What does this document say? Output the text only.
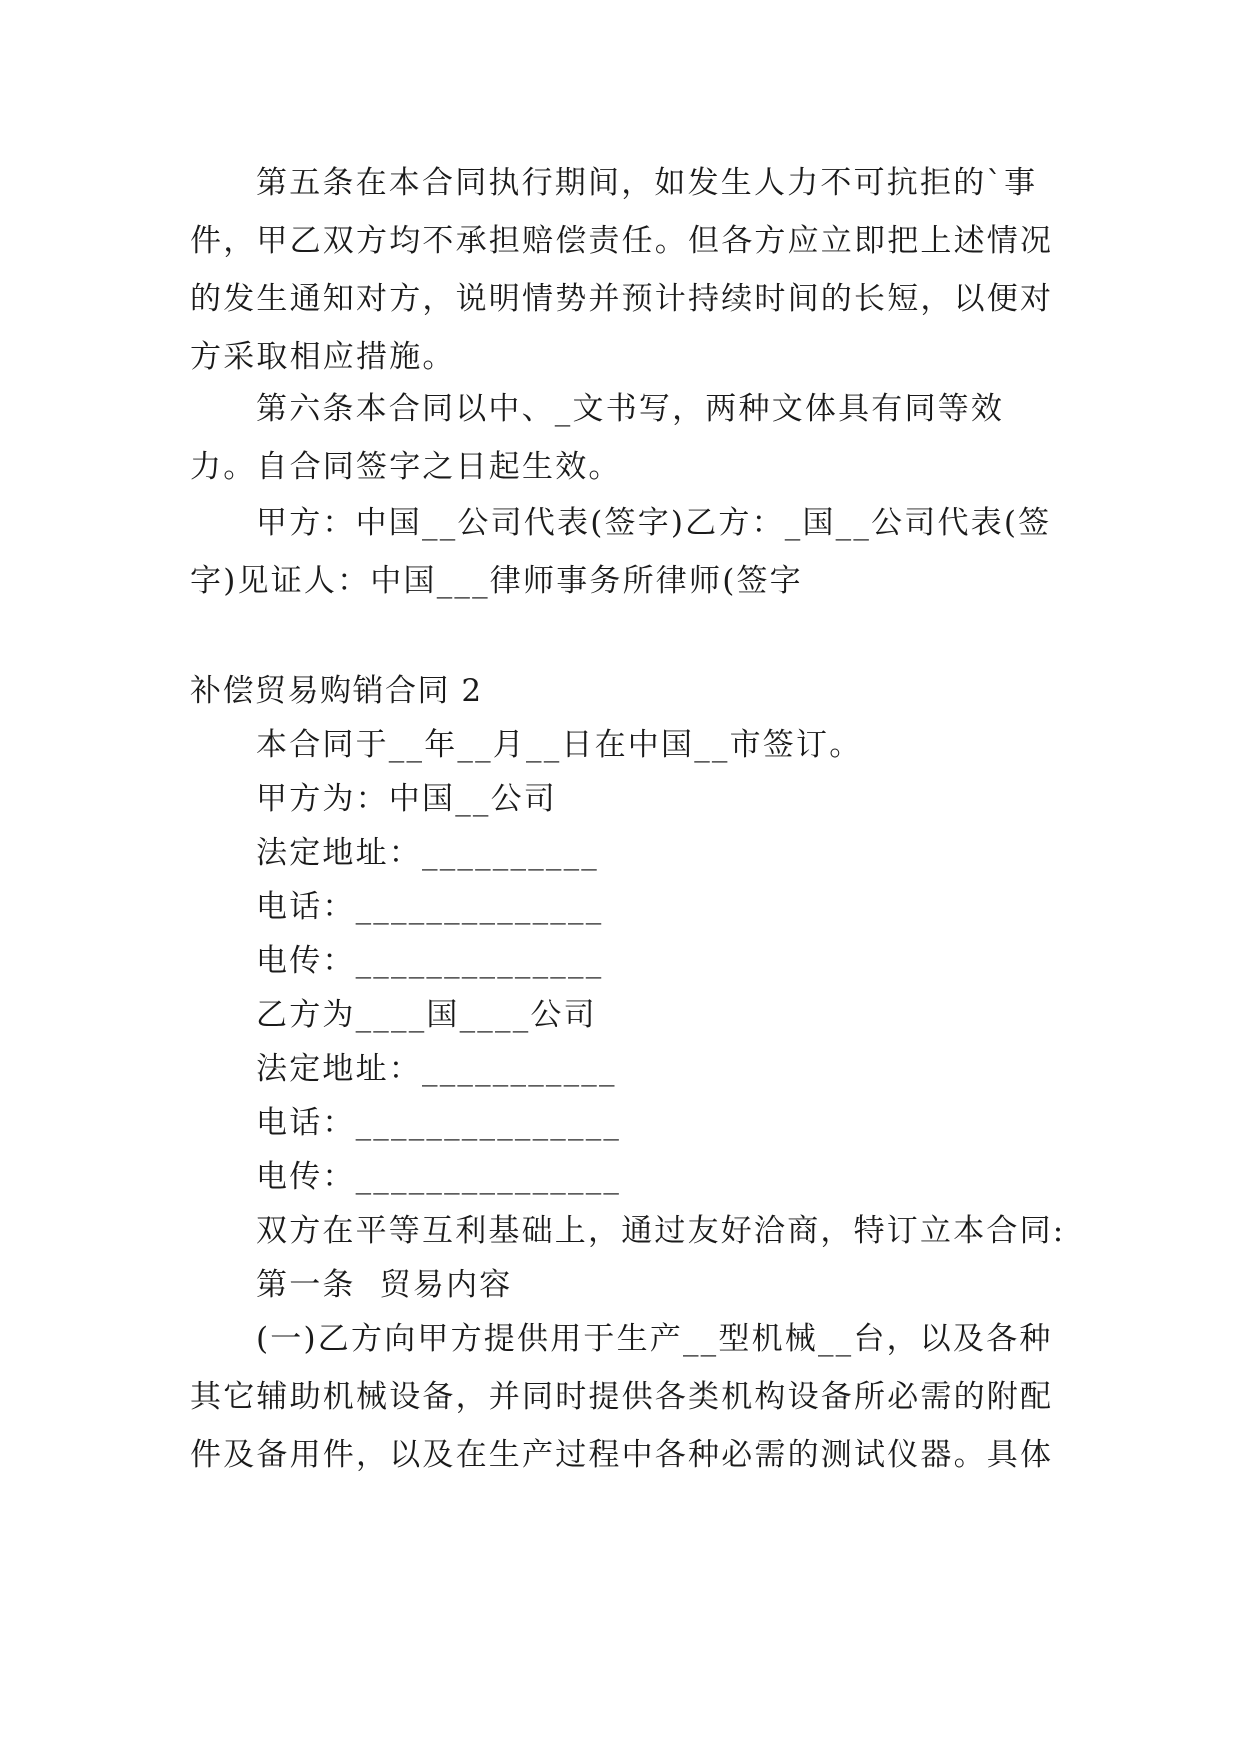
第五条在本合同执行期间，如发生人力不可抗拒的`事件，甲乙双方均不承担赔偿责任。但各方应立即把上述情况的发生通知对方，说明情势并预计持续时间的长短，以便对方采取相应措施。
第六条本合同以中、_文书写，两种文体具有同等效力。自合同签字之日起生效。
甲方：中国__公司代表(签字)乙方：_国__公司代表(签字)见证人：中国___律师事务所律师(签字
补偿贸易购销合同 2
本合同于__年__月__日在中国__市签订。
甲方为：中国__公司
法定地址：__________
电话：______________
电传：______________
乙方为____国____公司
法定地址：___________
电话：_______________
电传：_______________
双方在平等互利基础上，通过友好洽商，特订立本合同:
第一条  贸易内容
(一)乙方向甲方提供用于生产__型机械__台，以及各种其它辅助机械设备，并同时提供各类机构设备所必需的附配件及备用件，以及在生产过程中各种必需的测试仪器。具体
